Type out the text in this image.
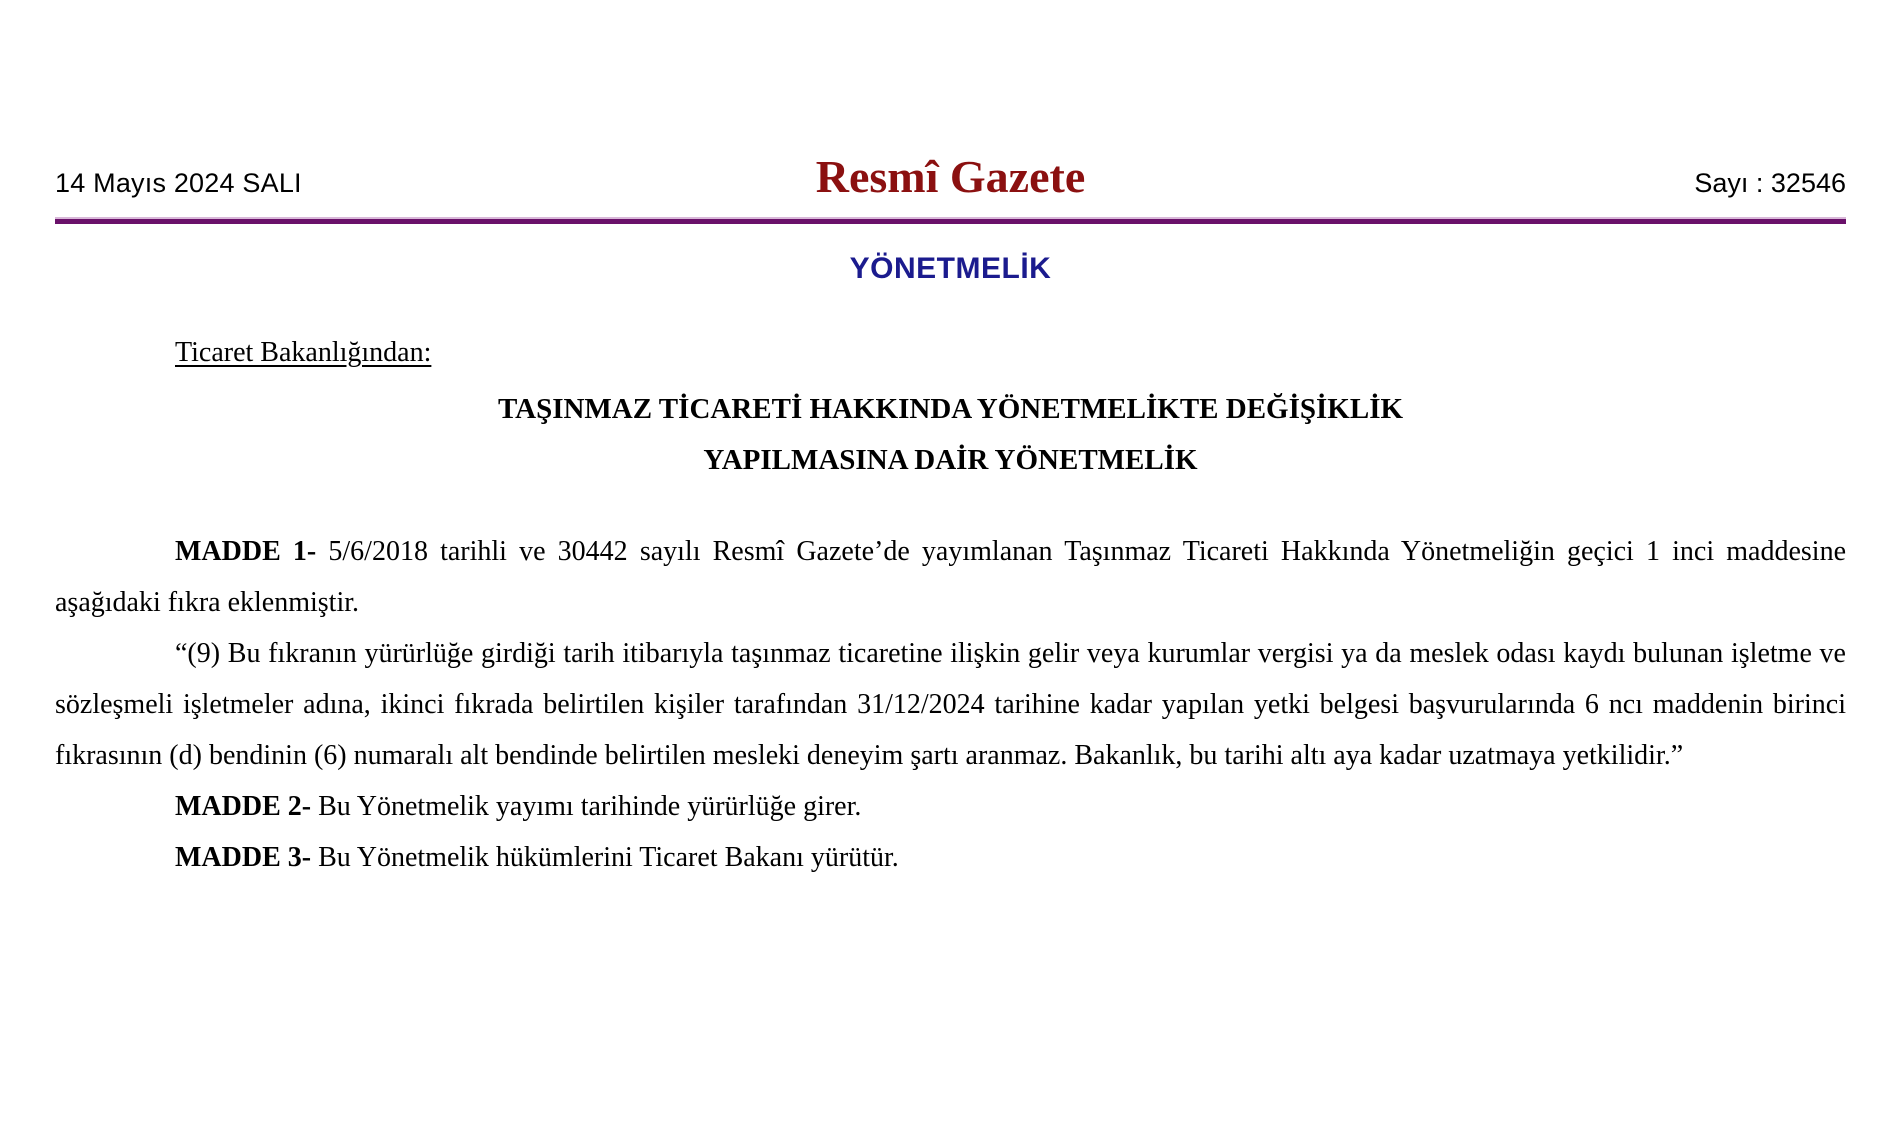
14 Mayıs 2024 SALI	Resmî Gazete	Sayı : 32546
YÖNETMELİK

Ticaret Bakanlığından:

TAŞINMAZ TİCARETİ HAKKINDA YÖNETMELİKTE DEĞİŞİKLİK
YAPILMASINA DAİR YÖNETMELİK

MADDE 1- 5/6/2018 tarihli ve 30442 sayılı Resmî Gazete’de yayımlanan Taşınmaz Ticareti Hakkında Yönetmeliğin geçici 1 inci maddesine aşağıdaki fıkra eklenmiştir.

“(9) Bu fıkranın yürürlüğe girdiği tarih itibarıyla taşınmaz ticaretine ilişkin gelir veya kurumlar vergisi ya da meslek odası kaydı bulunan işletme ve sözleşmeli işletmeler adına, ikinci fıkrada belirtilen kişiler tarafından 31/12/2024 tarihine kadar yapılan yetki belgesi başvurularında 6 ncı maddenin birinci fıkrasının (d) bendinin (6) numaralı alt bendinde belirtilen mesleki deneyim şartı aranmaz. Bakanlık, bu tarihi altı aya kadar uzatmaya yetkilidir.”

MADDE 2- Bu Yönetmelik yayımı tarihinde yürürlüğe girer.

MADDE 3- Bu Yönetmelik hükümlerini Ticaret Bakanı yürütür.
